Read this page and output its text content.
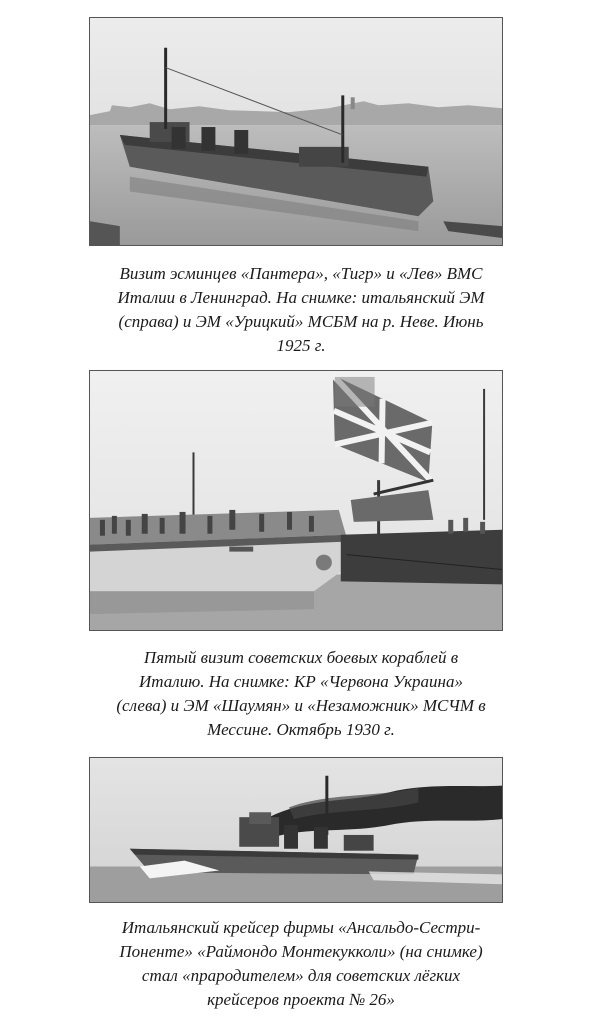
Визит эсминцев «Пантера», «Тигр» и «Лев» ВМС
Италии в Ленинград. На снимке: итальянский ЭМ
(справа) и ЭМ «Урицкий» МСБМ на р. Неве. Июнь
1925 г.
Пятый визит советских боевых кораблей в
Италию. На снимке: КР «Червона Украина»
(слева) и ЭМ «Шаумян» и «Незаможник» МСЧМ в
Мессине. Октябрь 1930 г.
Итальянский крейсер фирмы «Ансальдо-Сестри-
Поненте» «Раймондо Монтекукколи» (на снимке)
стал «прародителем» для советских лёгких
крейсеров проекта № 26»
